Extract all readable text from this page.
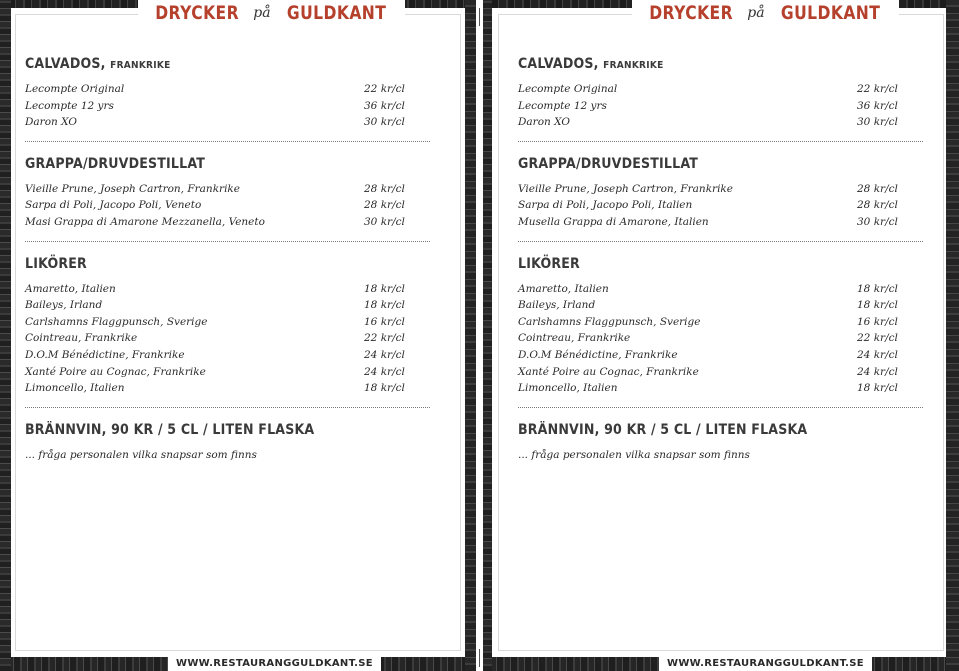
DRYCKER på GULDKANT
CALVADOS, FRANKRIKE
Lecompte Original	22 kr/cl
Lecompte 12 yrs	36 kr/cl
Daron XO	30 kr/cl
GRAPPA/DRUVDESTILLAT
Vieille Prune, Joseph Cartron, Frankrike	28 kr/cl
Sarpa di Poli, Jacopo Poli, Veneto	28 kr/cl
Masi Grappa di Amarone Mezzanella, Veneto	30 kr/cl
LIKÖRER
Amaretto, Italien	18 kr/cl
Baileys, Irland	18 kr/cl
Carlshamns Flaggpunsch, Sverige	16 kr/cl
Cointreau, Frankrike	22 kr/cl
D.O.M Bénédictine, Frankrike	24 kr/cl
Xanté Poire au Cognac, Frankrike	24 kr/cl
Limoncello, Italien	18 kr/cl
BRÄNNVIN, 90 KR / 5 CL / LITEN FLASKA
... fråga personalen vilka snapsar som finns
WWW.RESTAURANGGULDKANT.SE
DRYCKER på GULDKANT
CALVADOS, FRANKRIKE
Lecompte Original	22 kr/cl
Lecompte 12 yrs	36 kr/cl
Daron XO	30 kr/cl
GRAPPA/DRUVDESTILLAT
Vieille Prune, Joseph Cartron, Frankrike	28 kr/cl
Sarpa di Poli, Jacopo Poli, Italien	28 kr/cl
Musella Grappa di Amarone, Italien	30 kr/cl
LIKÖRER
Amaretto, Italien	18 kr/cl
Baileys, Irland	18 kr/cl
Carlshamns Flaggpunsch, Sverige	16 kr/cl
Cointreau, Frankrike	22 kr/cl
D.O.M Bénédictine, Frankrike	24 kr/cl
Xanté Poire au Cognac, Frankrike	24 kr/cl
Limoncello, Italien	18 kr/cl
BRÄNNVIN, 90 KR / 5 CL / LITEN FLASKA
... fråga personalen vilka snapsar som finns
WWW.RESTAURANGGULDKANT.SE
